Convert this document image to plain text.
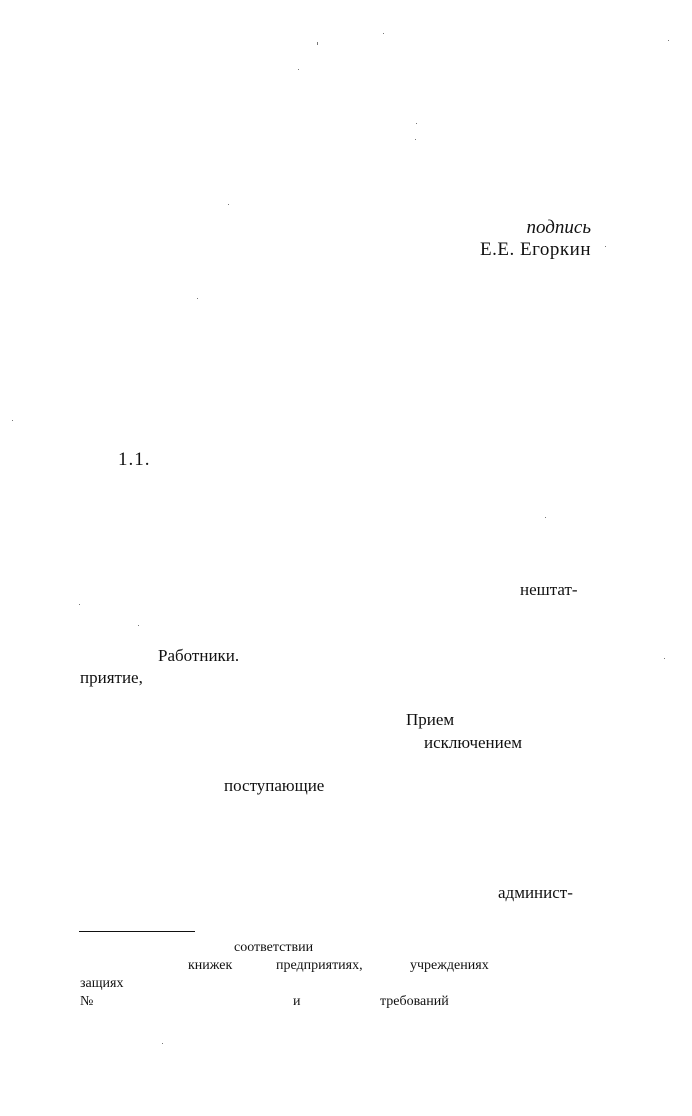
подпись
Е.Е. Егоркин
1.1.
нештат-
Работники.
приятие,
Прием
исключением
поступающие
админист-
соответствии
книжек	предприятиях,	учреждениях
защиях
№	и	требований
